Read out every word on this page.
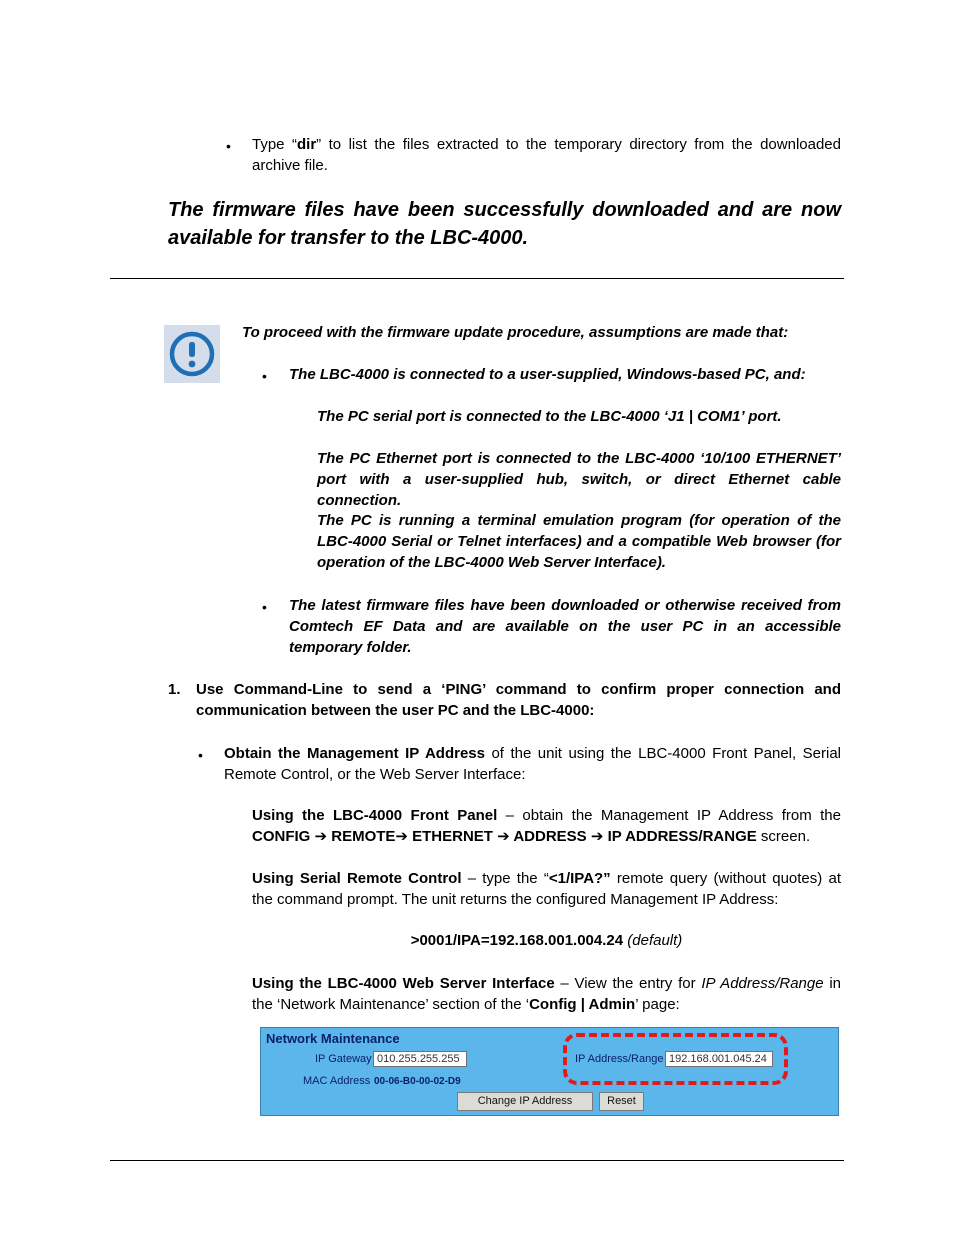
• Type “dir” to list the files extracted to the temporary directory from the downloaded archive file.
The firmware files have been successfully downloaded and are now available for transfer to the LBC-4000.
To proceed with the firmware update procedure, assumptions are made that:
• The LBC-4000 is connected to a user-supplied, Windows-based PC, and:
The PC serial port is connected to the LBC-4000 ‘J1 | COM1’ port.
The PC Ethernet port is connected to the LBC-4000 ‘10/100 ETHERNET’ port with a user-supplied hub, switch, or direct Ethernet cable connection.
The PC is running a terminal emulation program (for operation of the LBC-4000 Serial or Telnet interfaces) and a compatible Web browser (for operation of the LBC-4000 Web Server Interface).
• The latest firmware files have been downloaded or otherwise received from Comtech EF Data and are available on the user PC in an accessible temporary folder.
1. Use Command-Line to send a ‘PING’ command to confirm proper connection and communication between the user PC and the LBC-4000:
• Obtain the Management IP Address of the unit using the LBC-4000 Front Panel, Serial Remote Control, or the Web Server Interface:
Using the LBC-4000 Front Panel – obtain the Management IP Address from the CONFIG ➔ REMOTE➔ ETHERNET ➔ ADDRESS ➔ IP ADDRESS/RANGE screen.
Using Serial Remote Control – type the “<1/IPA?” remote query (without quotes) at the command prompt. The unit returns the configured Management IP Address:
>0001/IPA=192.168.001.004.24 (default)
Using the LBC-4000 Web Server Interface – View the entry for IP Address/Range in the ‘Network Maintenance’ section of the ‘Config | Admin’ page:
Network Maintenance
IP Gateway 010.255.255.255
MAC Address 00-06-B0-00-02-D9
IP Address/Range 192.168.001.045.24
Change IP Address	Reset
